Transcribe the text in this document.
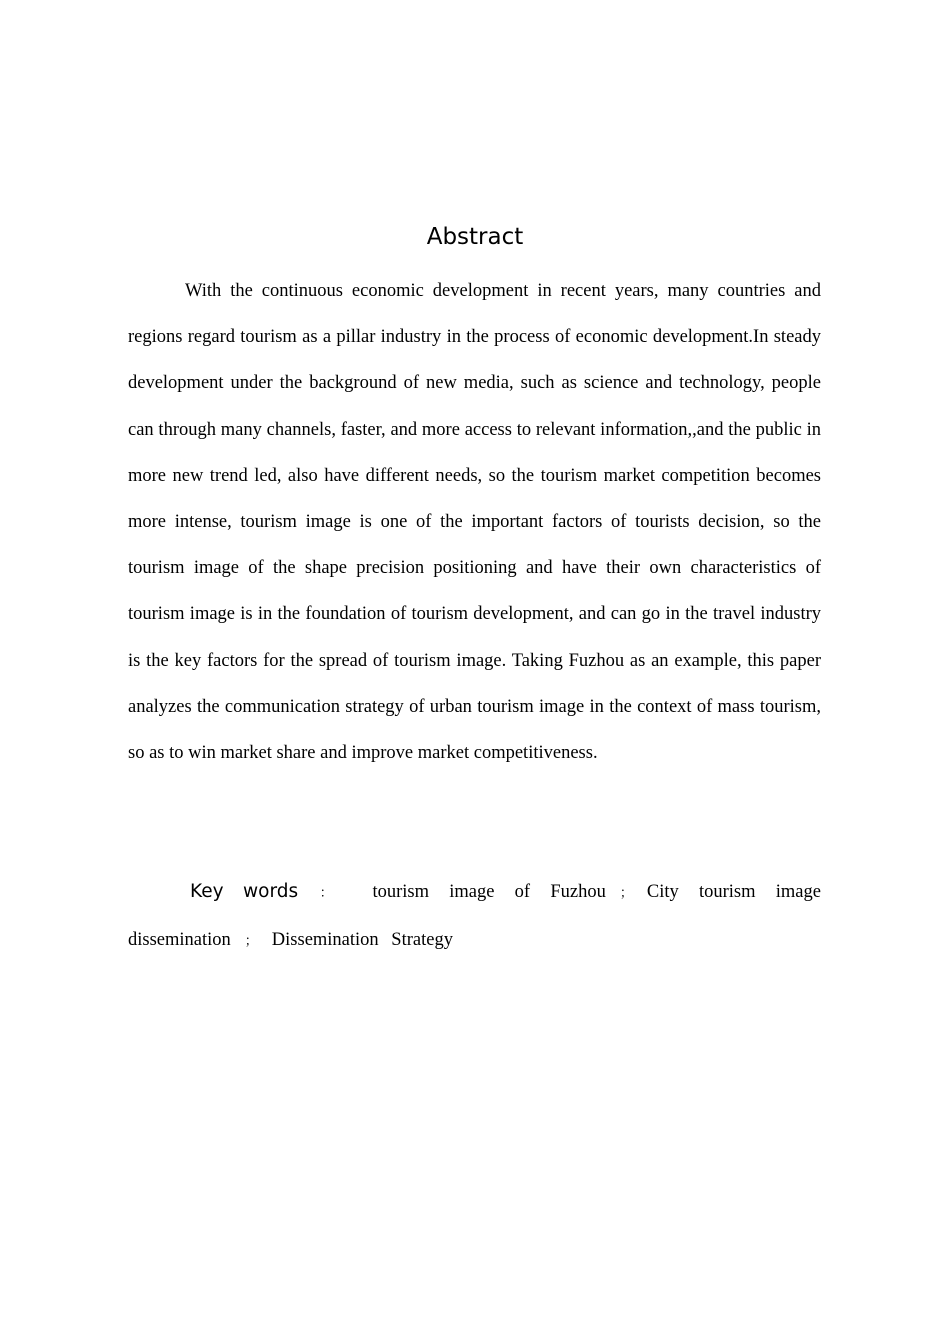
Abstract

With the continuous economic development in recent years, many countries and regions regard tourism as a pillar industry in the process of economic development.In steady development under the background of new media, such as science and technology, people can through many channels, faster, and more access to relevant information,,and the public in more new trend led, also have different needs, so the tourism market competition becomes more intense, tourism image is one of the important factors of tourists decision, so the tourism image of the shape precision positioning and have their own characteristics of tourism image is in the foundation of tourism development, and can go in the travel industry is the key factors for the spread of tourism image. Taking Fuzhou as an example, this paper analyzes the communication strategy of urban tourism image in the context of mass tourism, so as to win market share and improve market competitiveness.

Key words ： tourism image of Fuzhou ； City tourism image dissemination ； Dissemination Strategy
